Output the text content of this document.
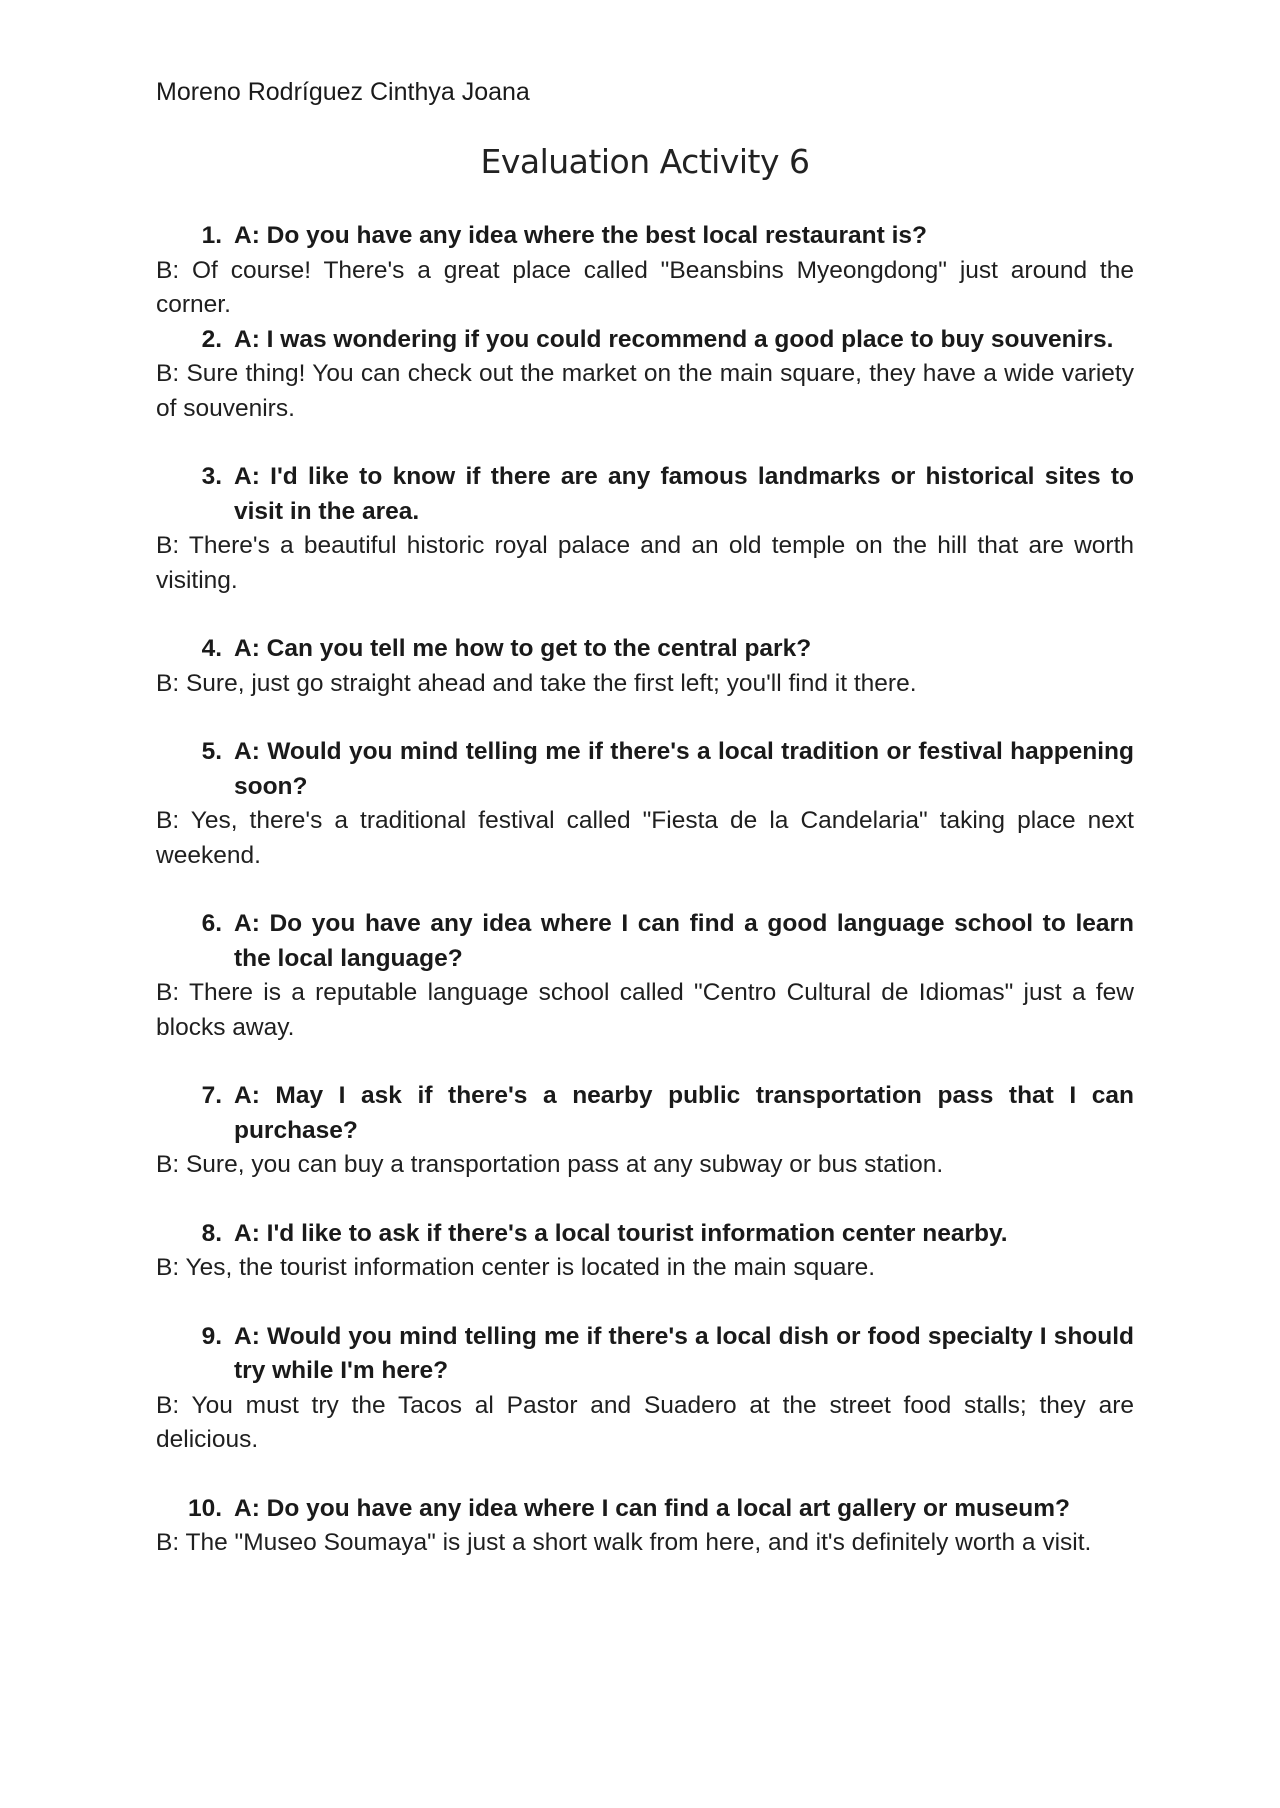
Moreno Rodríguez Cinthya Joana

Evaluation Activity 6
1. A: Do you have any idea where the best local restaurant is?

B: Of course! There's a great place called "Beansbins Myeongdong" just around the corner.

2. A: I was wondering if you could recommend a good place to buy souvenirs.

B: Sure thing! You can check out the market on the main square, they have a wide variety of souvenirs.

3. A: I'd like to know if there are any famous landmarks or historical sites to visit in the area.

B: There's a beautiful historic royal palace and an old temple on the hill that are worth visiting.

4. A: Can you tell me how to get to the central park?

B: Sure, just go straight ahead and take the first left; you'll find it there.

5. A: Would you mind telling me if there's a local tradition or festival happening soon?

B: Yes, there's a traditional festival called "Fiesta de la Candelaria" taking place next weekend.

6. A: Do you have any idea where I can find a good language school to learn the local language?

B: There is a reputable language school called "Centro Cultural de Idiomas" just a few blocks away.

7. A: May I ask if there's a nearby public transportation pass that I can purchase?

B: Sure, you can buy a transportation pass at any subway or bus station.

8. A: I'd like to ask if there's a local tourist information center nearby.

B: Yes, the tourist information center is located in the main square.

9. A: Would you mind telling me if there's a local dish or food specialty I should try while I'm here?

B: You must try the Tacos al Pastor and Suadero at the street food stalls; they are delicious.

10. A: Do you have any idea where I can find a local art gallery or museum?

B: The "Museo Soumaya" is just a short walk from here, and it's definitely worth a visit.
